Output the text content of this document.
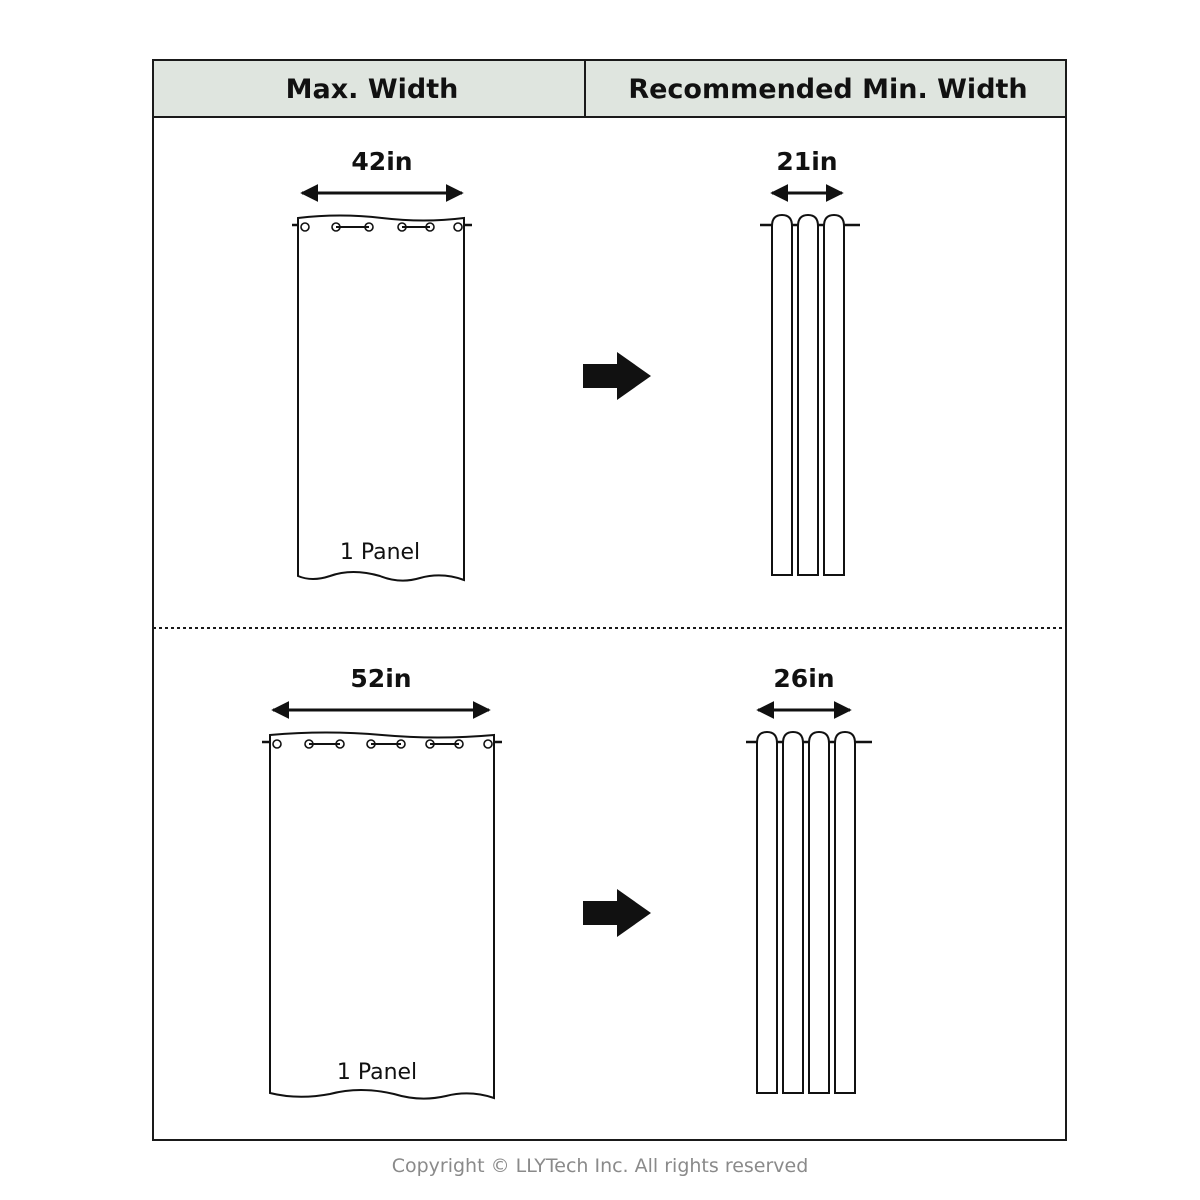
Max. Width	Recommended Min. Width
42in
1 Panel
21in
52in
1 Panel
26in
Copyright © LLYTech Inc. All rights reserved
